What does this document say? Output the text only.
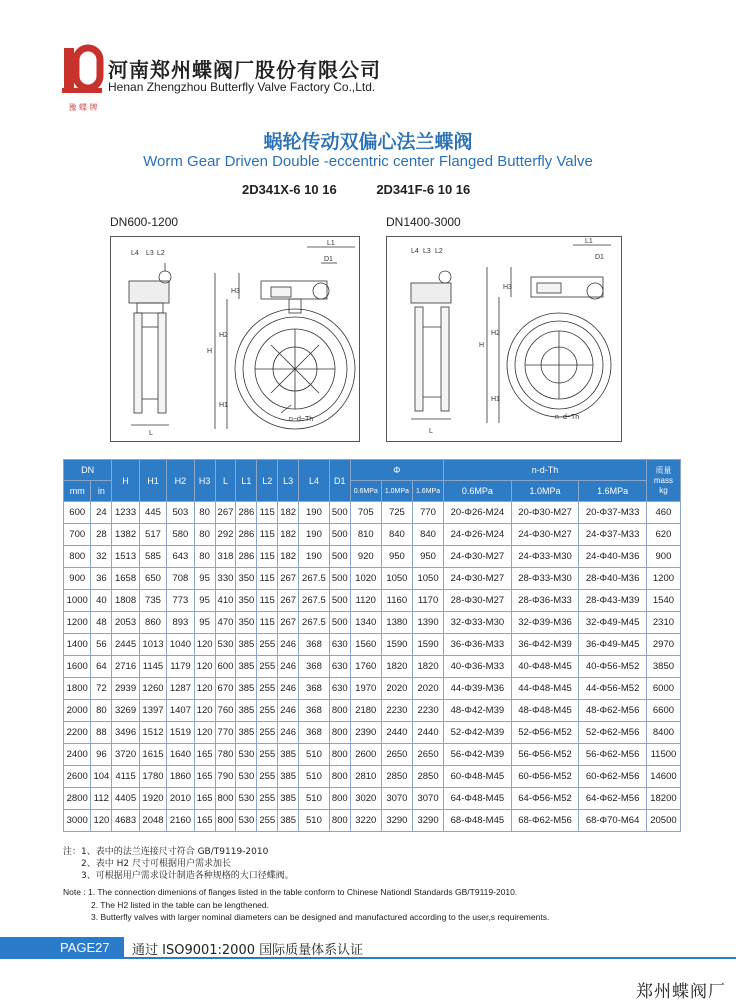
豫 蝶 牌
河南郑州蝶阀厂股份有限公司
Henan Zhengzhou Butterfly Valve Factory Co.,Ltd.
蜗轮传动双偏心法兰蝶阀
Worm Gear Driven Double -eccentric center Flanged Butterfly Valve
2D341X-6 10 16	2D341F-6 10 16
DN600-1200	DN1400-3000
L4 L3 L2
L1
D1
H
H2
H1
H3
L
n−d−Th
L4 L3 L2
L1
D1
H
H2
H1
H3
L
n−d−Th
DN		H	H1	H2	H3	L	L1	L2	L3	L4	D1	Φ			n-d-Th			质量
mass
kg

mm	in											0.6MPa	1.0MPa	1.6MPa	0.6MPa	1.0MPa	1.6MPa	
600	24	1233	445	503	80	267	286	115	182	190	500	705	725	770	20-Φ26-M24	20-Φ30-M27	20-Φ37-M33	460
700	28	1382	517	580	80	292	286	115	182	190	500	810	840	840	24-Φ26-M24	24-Φ30-M27	24-Φ37-M33	620
800	32	1513	585	643	80	318	286	115	182	190	500	920	950	950	24-Φ30-M27	24-Φ33-M30	24-Φ40-M36	900
900	36	1658	650	708	95	330	350	115	267	267.5	500	1020	1050	1050	24-Φ30-M27	28-Φ33-M30	28-Φ40-M36	1200
1000	40	1808	735	773	95	410	350	115	267	267.5	500	1120	1160	1170	28-Φ30-M27	28-Φ36-M33	28-Φ43-M39	1540
1200	48	2053	860	893	95	470	350	115	267	267.5	500	1340	1380	1390	32-Φ33-M30	32-Φ39-M36	32-Φ49-M45	2310
1400	56	2445	1013	1040	120	530	385	255	246	368	630	1560	1590	1590	36-Φ36-M33	36-Φ42-M39	36-Φ49-M45	2970
1600	64	2716	1145	1179	120	600	385	255	246	368	630	1760	1820	1820	40-Φ36-M33	40-Φ48-M45	40-Φ56-M52	3850
1800	72	2939	1260	1287	120	670	385	255	246	368	630	1970	2020	2020	44-Φ39-M36	44-Φ48-M45	44-Φ56-M52	6000
2000	80	3269	1397	1407	120	760	385	255	246	368	800	2180	2230	2230	48-Φ42-M39	48-Φ48-M45	48-Φ62-M56	6600
2200	88	3496	1512	1519	120	770	385	255	246	368	800	2390	2440	2440	52-Φ42-M39	52-Φ56-M52	52-Φ62-M56	8400
2400	96	3720	1615	1640	165	780	530	255	385	510	800	2600	2650	2650	56-Φ42-M39	56-Φ56-M52	56-Φ62-M56	11500
2600	104	4115	1780	1860	165	790	530	255	385	510	800	2810	2850	2850	60-Φ48-M45	60-Φ56-M52	60-Φ62-M56	14600
2800	112	4405	1920	2010	165	800	530	255	385	510	800	3020	3070	3070	64-Φ48-M45	64-Φ56-M52	64-Φ62-M56	18200
3000	120	4683	2048	2160	165	800	530	255	385	510	800	3220	3290	3290	68-Φ48-M45	68-Φ62-M56	68-Φ70-M64	20500
注：1、表中的法兰连接尺寸符合 GB/T9119-2010
2、表中 H2 尺寸可根据用户需求加长
3、可根据用户需求设计制造各种规格的大口径蝶阀。
Note : 1. The connection dimenions of flanges listed in the table conform to Chinese Nationdl Standards GB/T9119-2010.
2. The H2 listed in the table can be lengthened.
3. Butterfly valves with larger nominal diameters can be designed and manufactured according to the user,s requirements.
PAGE27	通过 ISO9001:2000 国际质量体系认证
郑州蝶阀厂
